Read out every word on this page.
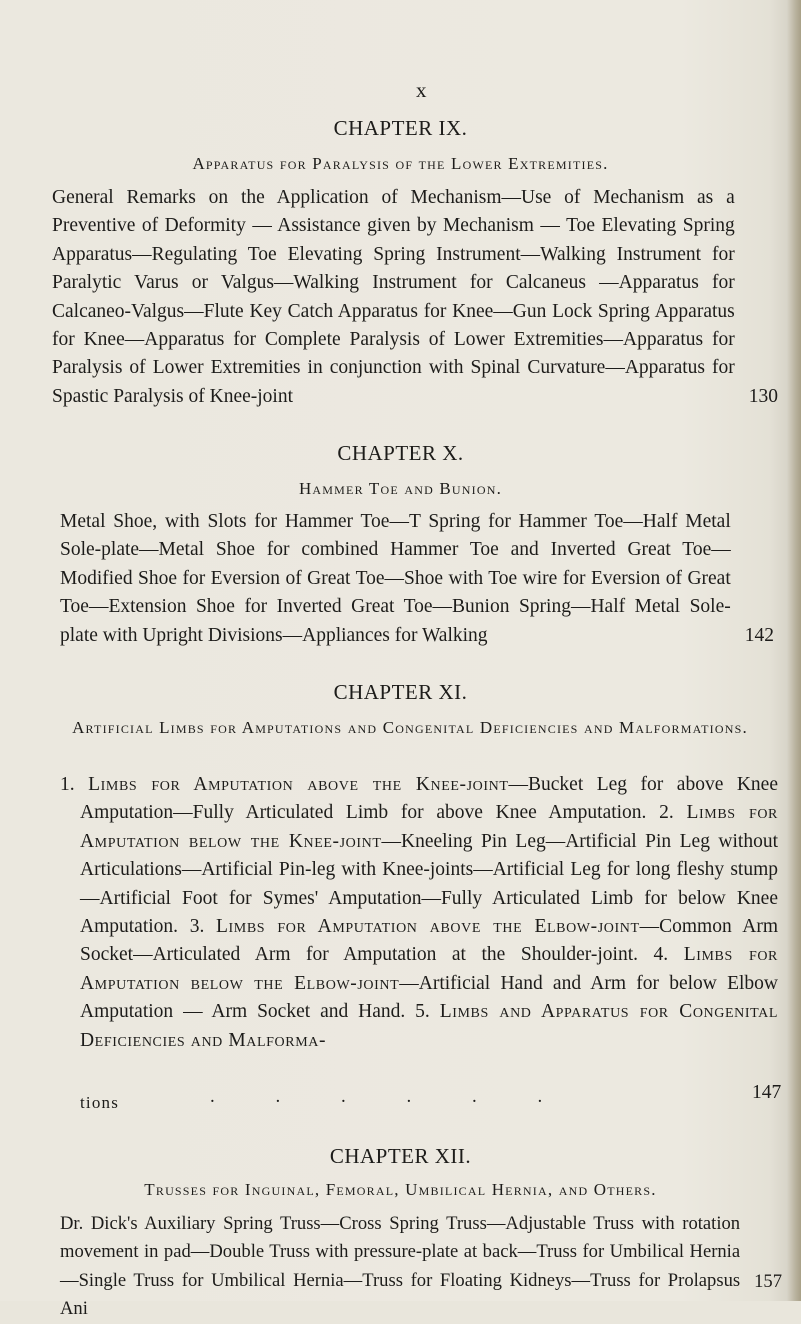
x
CHAPTER IX.
Apparatus for Paralysis of the Lower Extremities.
130
General Remarks on the Application of Mechanism—Use of Mechanism as a Preventive of Deformity — Assistance given by Mechanism — Toe Elevating Spring Apparatus—Regulating Toe Elevating Spring Instrument—Walking Instrument for Paralytic Varus or Valgus—Walking Instrument for Calcaneus —Apparatus for Calcaneo-Valgus—Flute Key Catch Apparatus for Knee—Gun Lock Spring Apparatus for Knee—Apparatus for Complete Paralysis of Lower Extremities—Apparatus for Paralysis of Lower Extremities in conjunction with Spinal Curvature—Apparatus for Spastic Paralysis of Knee-joint
CHAPTER X.
Hammer Toe and Bunion.
142
Metal Shoe, with Slots for Hammer Toe—T Spring for Hammer Toe—Half Metal Sole-plate—Metal Shoe for combined Hammer Toe and Inverted Great Toe—Modified Shoe for Eversion of Great Toe—Shoe with Toe wire for Eversion of Great Toe—Extension Shoe for Inverted Great Toe—Bunion Spring—Half Metal Sole-plate with Upright Divisions—Appliances for Walking
CHAPTER XI.
Artificial Limbs for Amputations and Congenital Deficiencies and Malformations.
1. Limbs for Amputation above the Knee-joint—Bucket Leg for above Knee Amputation—Fully Articulated Limb for above Knee Amputation. 2. Limbs for Amputation below the Knee-joint—Kneeling Pin Leg—Artificial Pin Leg without Articulations—Artificial Pin-leg with Knee-joints—Artificial Leg for long fleshy stump—Artificial Foot for Symes' Amputation—Fully Articulated Limb for below Knee Amputation. 3. Limbs for Amputation above the Elbow-joint—Common Arm Socket—Articulated Arm for Amputation at the Shoulder-joint. 4. Limbs for Amputation below the Elbow-joint—Artificial Hand and Arm for below Elbow Amputation — Arm Socket and Hand. 5. Limbs and Apparatus for Congenital Deficiencies and Malforma-
tions	. . . . . .	147
CHAPTER XII.
Trusses for Inguinal, Femoral, Umbilical Hernia, and Others.
157
Dr. Dick's Auxiliary Spring Truss—Cross Spring Truss—Adjustable Truss with rotation movement in pad—Double Truss with pressure-plate at back—Truss for Umbilical Hernia—Single Truss for Umbilical Hernia—Truss for Floating Kidneys—Truss for Prolapsus Ani
